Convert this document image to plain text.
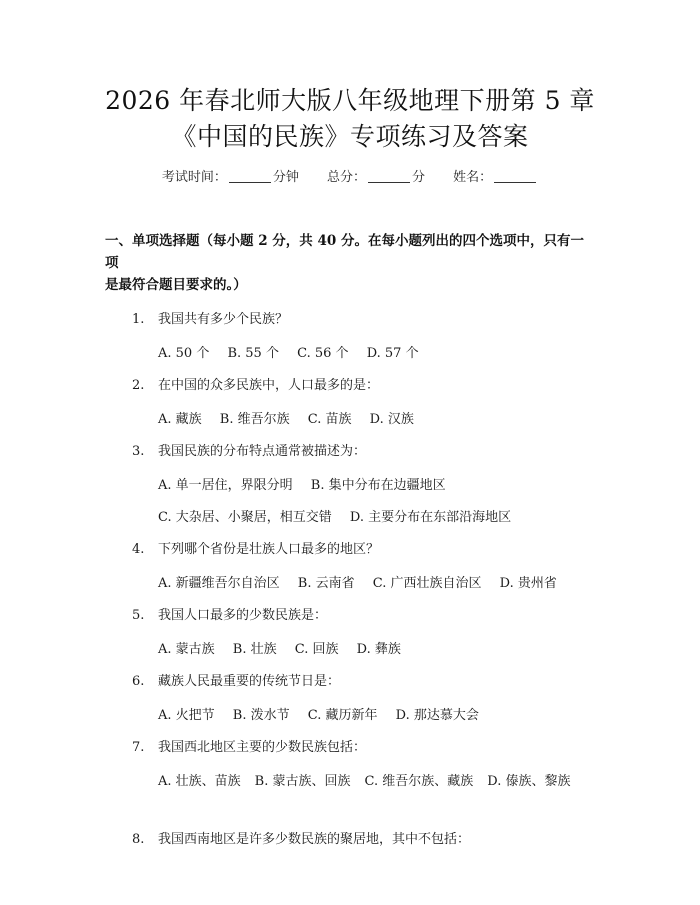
2026 年春北师大版八年级地理下册第 5 章
《中国的民族》专项练习及答案
考试时间：	分钟 总分：	分 姓名：
一、单项选择题（每小题 2 分，共 40 分。在每小题列出的四个选项中，只有一项
是最符合题目要求的。）
1. 我国共有多少个民族？
A. 50 个 B. 55 个 C. 56 个 D. 57 个
2. 在中国的众多民族中，人口最多的是：
A. 藏族 B. 维吾尔族 C. 苗族 D. 汉族
3. 我国民族的分布特点通常被描述为：
A. 单一居住，界限分明 B. 集中分布在边疆地区
C. 大杂居、小聚居，相互交错 D. 主要分布在东部沿海地区
4. 下列哪个省份是壮族人口最多的地区？
A. 新疆维吾尔自治区 B. 云南省 C. 广西壮族自治区 D. 贵州省
5. 我国人口最多的少数民族是：
A. 蒙古族 B. 壮族 C. 回族 D. 彝族
6. 藏族人民最重要的传统节日是：
A. 火把节 B. 泼水节 C. 藏历新年 D. 那达慕大会
7. 我国西北地区主要的少数民族包括：
A. 壮族、苗族 B. 蒙古族、回族 C. 维吾尔族、藏族 D. 傣族、黎族
8. 我国西南地区是许多少数民族的聚居地，其中不包括：
